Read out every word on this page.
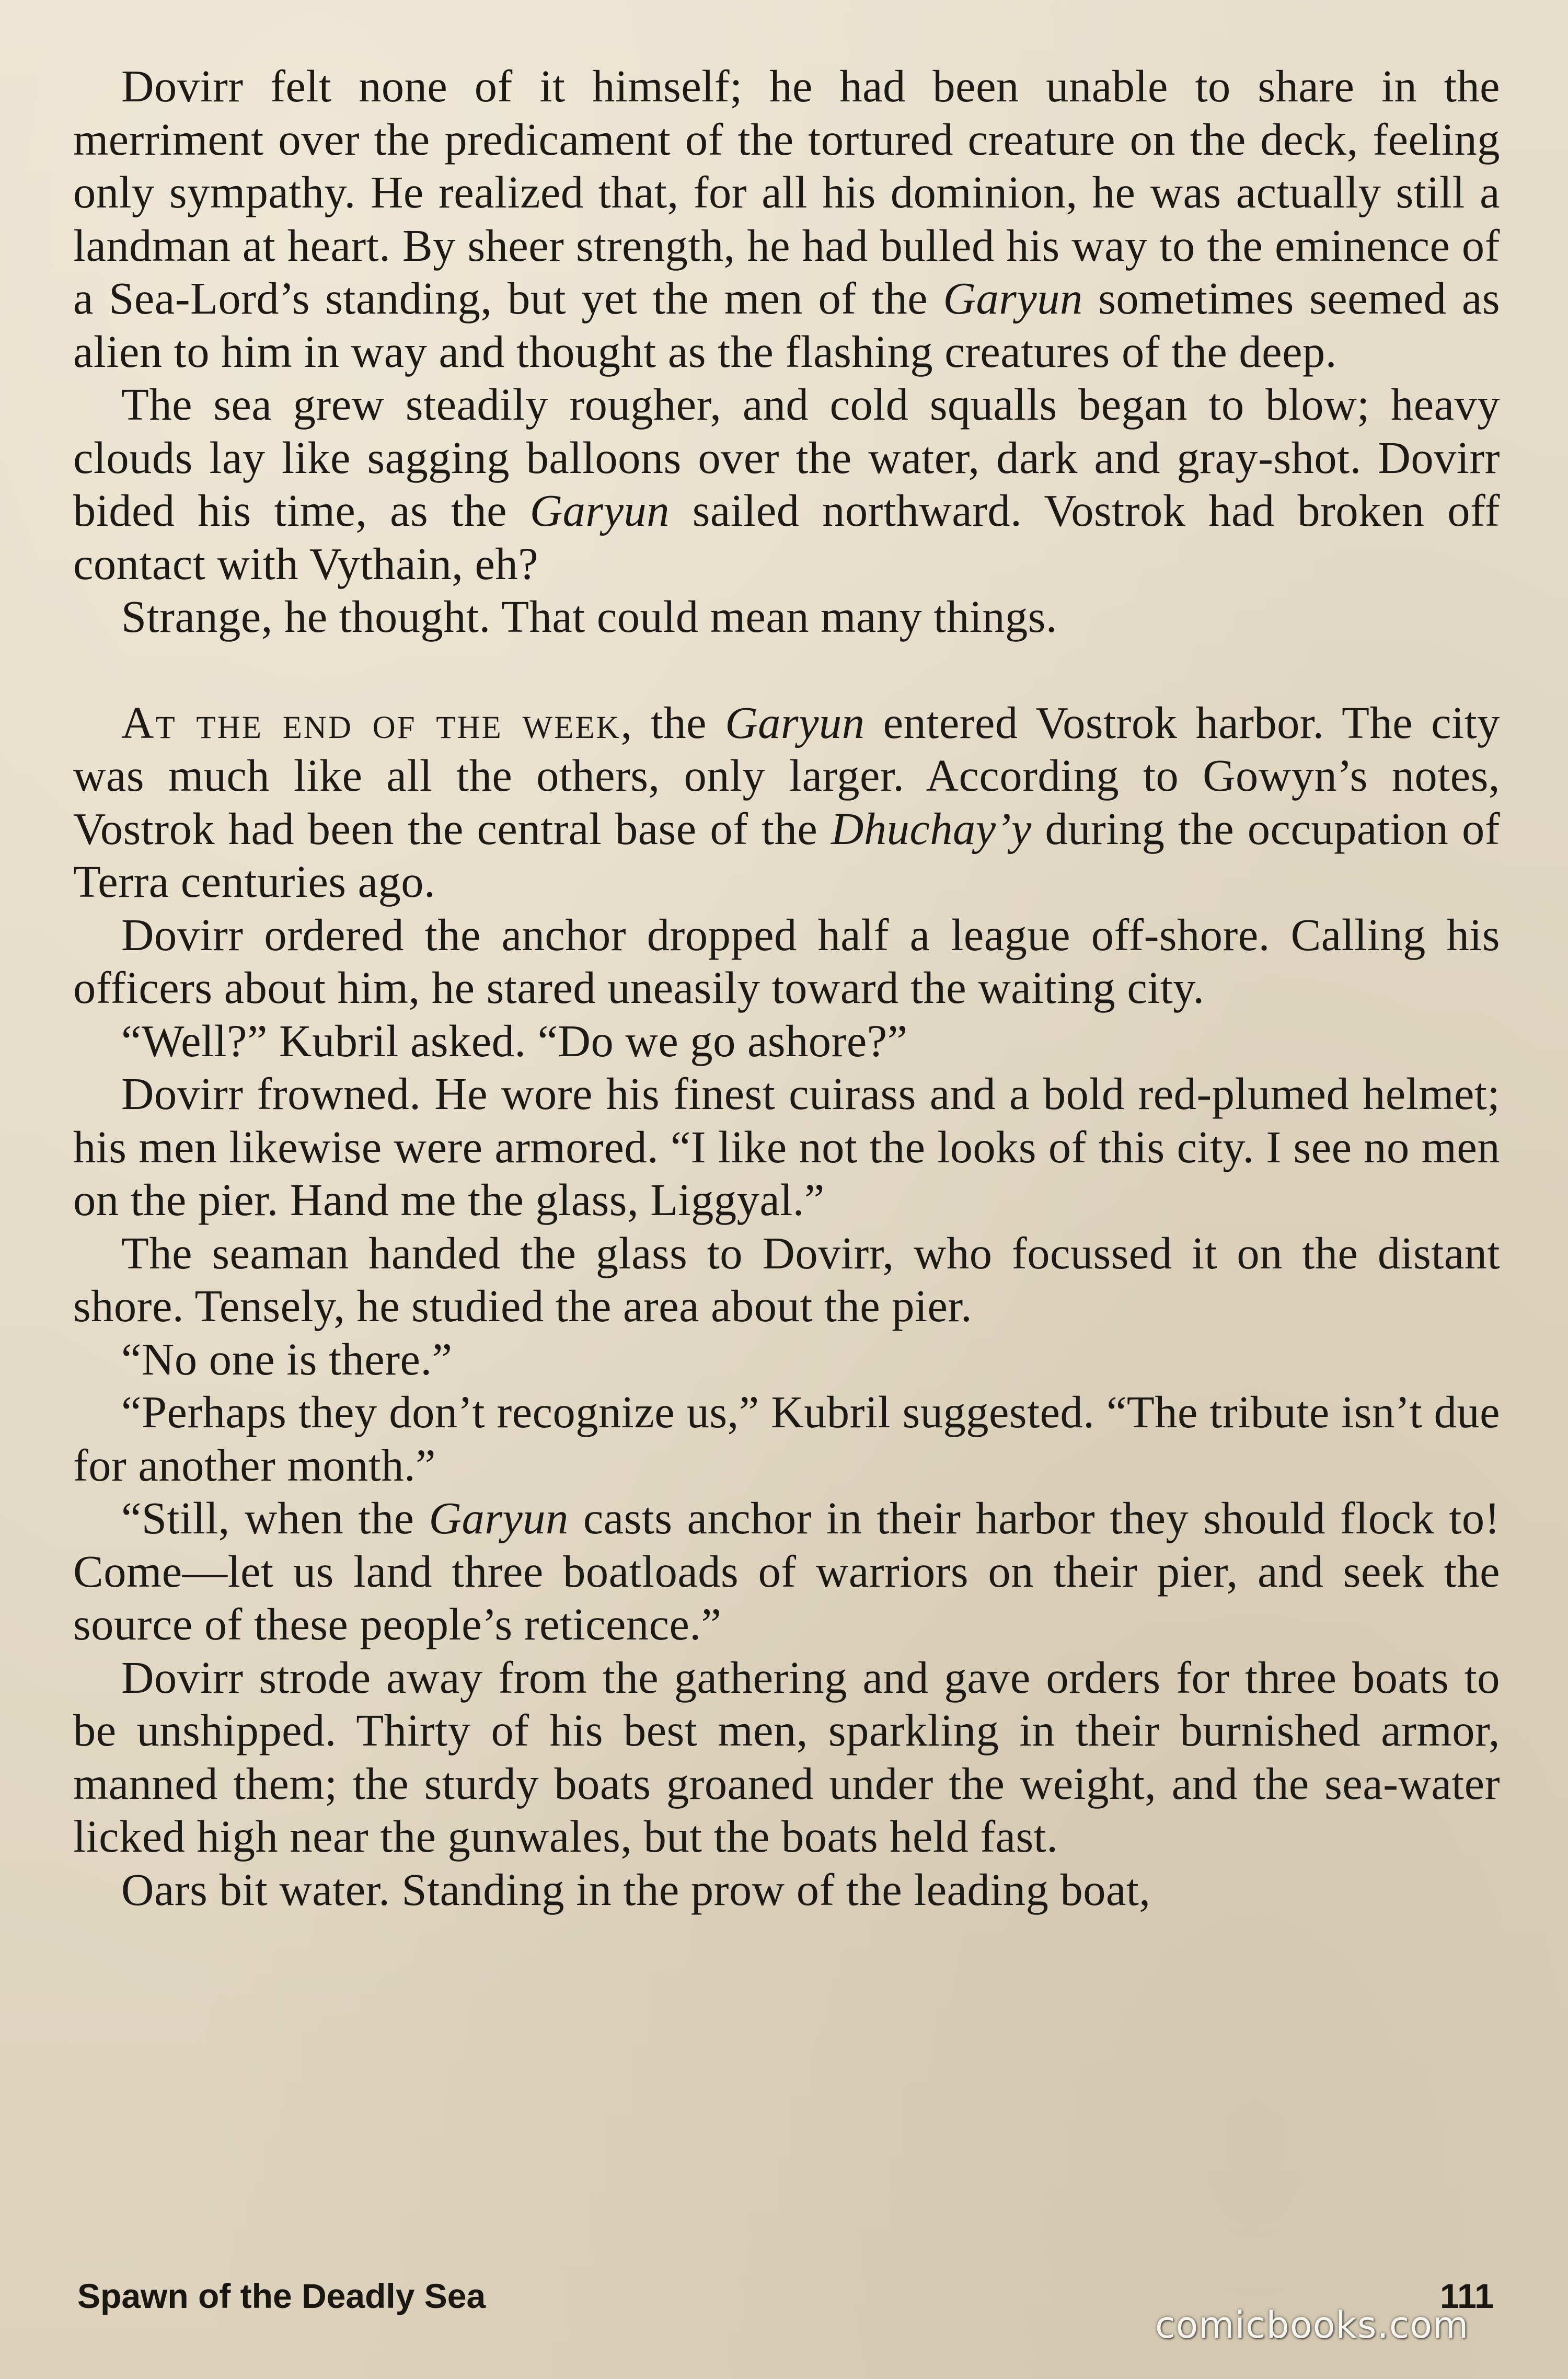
Dovirr felt none of it himself; he had been unable to share in the merriment over the predicament of the tortured creature on the deck, feeling only sympathy. He realized that, for all his dominion, he was actually still a landman at heart. By sheer strength, he had bulled his way to the eminence of a Sea-Lord’s standing, but yet the men of the Garyun sometimes seemed as alien to him in way and thought as the flashing creatures of the deep.

The sea grew steadily rougher, and cold squalls began to blow; heavy clouds lay like sagging balloons over the water, dark and gray-shot. Dovirr bided his time, as the Garyun sailed northward. Vostrok had broken off contact with Vythain, eh?

Strange, he thought. That could mean many things.

At the end of the week, the Garyun entered Vostrok harbor. The city was much like all the others, only larger. According to Gowyn’s notes, Vostrok had been the central base of the Dhuchay’y during the occupation of Terra centuries ago.

Dovirr ordered the anchor dropped half a league off-shore. Calling his officers about him, he stared uneasily toward the waiting city.

“Well?” Kubril asked. “Do we go ashore?”

Dovirr frowned. He wore his finest cuirass and a bold red-plumed helmet; his men likewise were armored. “I like not the looks of this city. I see no men on the pier. Hand me the glass, Liggyal.”

The seaman handed the glass to Dovirr, who focussed it on the distant shore. Tensely, he studied the area about the pier.

“No one is there.”

“Perhaps they don’t recognize us,” Kubril suggested. “The tribute isn’t due for another month.”

“Still, when the Garyun casts anchor in their harbor they should flock to! Come—let us land three boatloads of warriors on their pier, and seek the source of these people’s reticence.”

Dovirr strode away from the gathering and gave orders for three boats to be unshipped. Thirty of his best men, sparkling in their burnished armor, manned them; the sturdy boats groaned under the weight, and the sea-water licked high near the gunwales, but the boats held fast.

Oars bit water. Standing in the prow of the leading boat,

Spawn of the Deadly Sea	111
comicbooks.com
